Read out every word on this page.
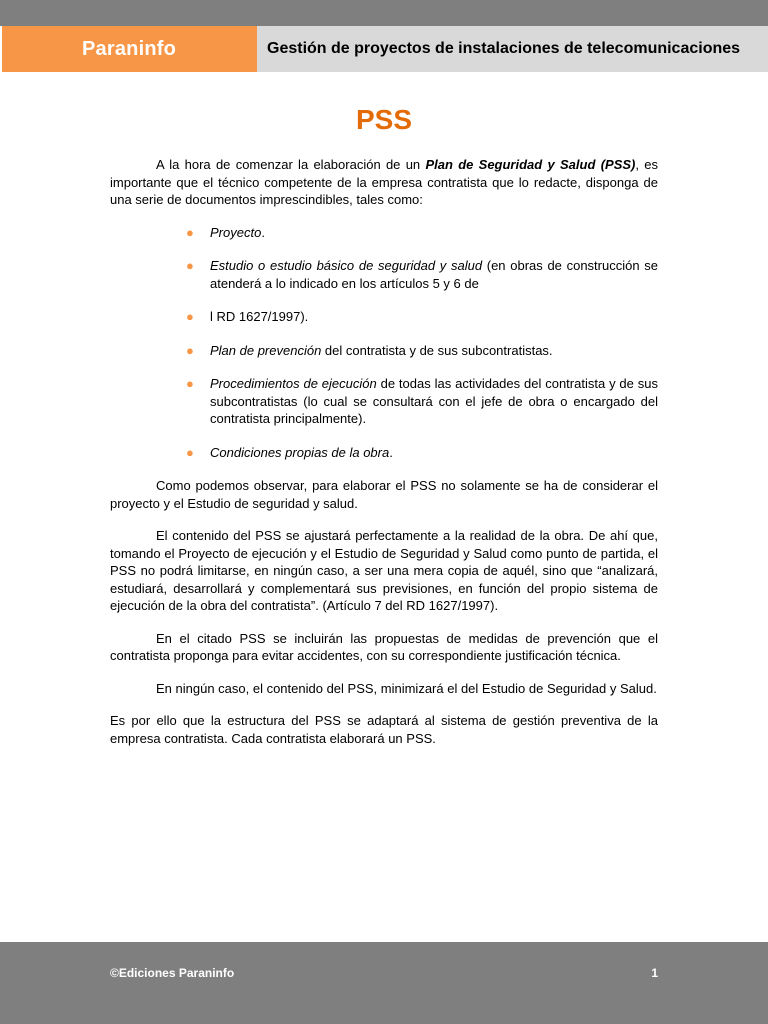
Paraninfo	Gestión de proyectos de instalaciones de telecomunicaciones
PSS

A la hora de comenzar la elaboración de un Plan de Seguridad y Salud (PSS), es importante que el técnico competente de la empresa contratista que lo redacte, disponga de una serie de documentos imprescindibles, tales como:

● Proyecto.
● Estudio o estudio básico de seguridad y salud (en obras de construcción se atenderá a lo indicado en los artículos 5 y 6 de
● l RD 1627/1997).
● Plan de prevención del contratista y de sus subcontratistas.
● Procedimientos de ejecución de todas las actividades del contratista y de sus subcontratistas (lo cual se consultará con el jefe de obra o encargado del contratista principalmente).
● Condiciones propias de la obra.

Como podemos observar, para elaborar el PSS no solamente se ha de considerar el proyecto y el Estudio de seguridad y salud.

El contenido del PSS se ajustará perfectamente a la realidad de la obra. De ahí que, tomando el Proyecto de ejecución y el Estudio de Seguridad y Salud como punto de partida, el PSS no podrá limitarse, en ningún caso, a ser una mera copia de aquél, sino que “analizará, estudiará, desarrollará y complementará sus previsiones, en función del propio sistema de ejecución de la obra del contratista”. (Artículo 7 del RD 1627/1997).

En el citado PSS se incluirán las propuestas de medidas de prevención que el contratista proponga para evitar accidentes, con su correspondiente justificación técnica.

En ningún caso, el contenido del PSS, minimizará el del Estudio de Seguridad y Salud.

Es por ello que la estructura del PSS se adaptará al sistema de gestión preventiva de la empresa contratista. Cada contratista elaborará un PSS.

©Ediciones Paraninfo	1
